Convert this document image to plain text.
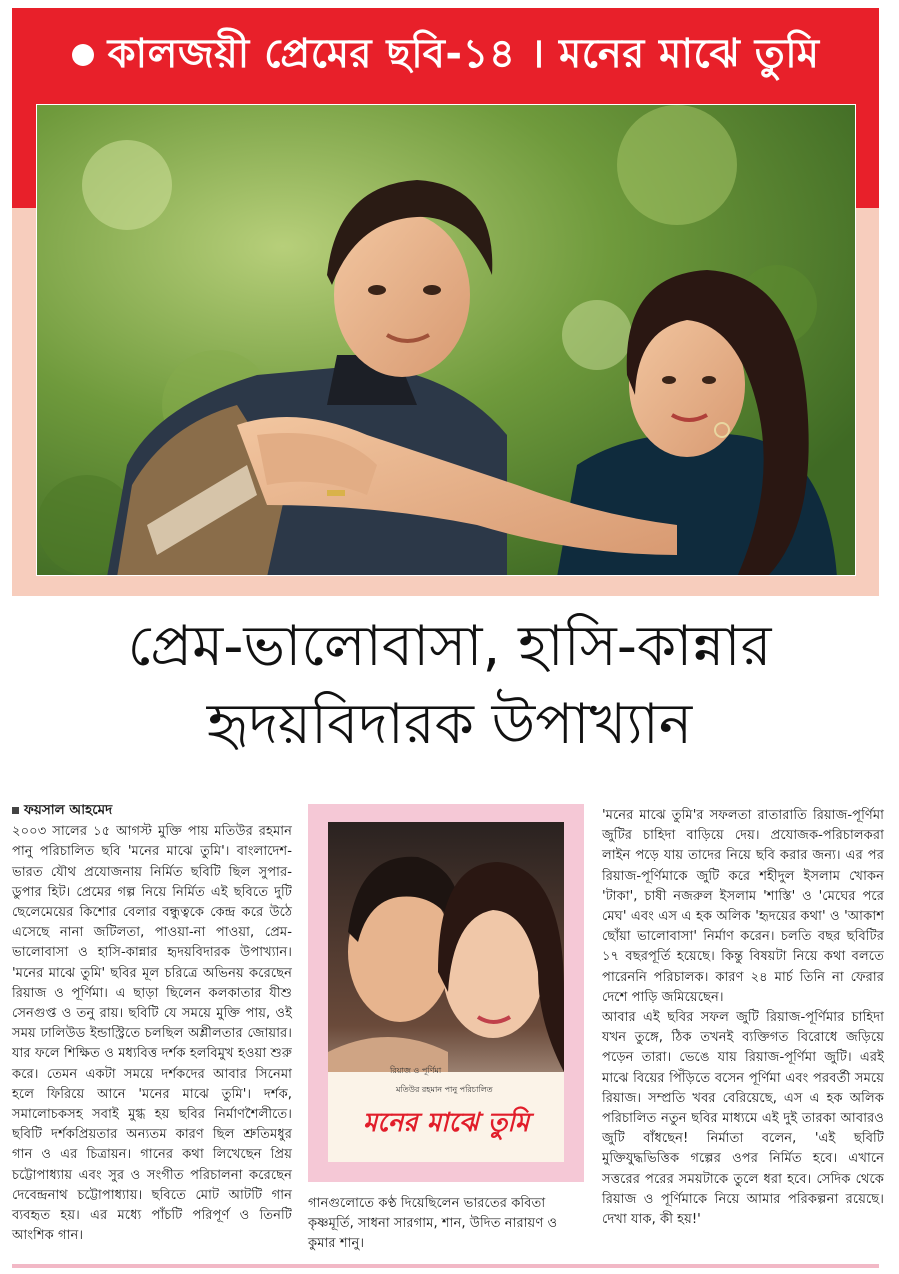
কালজয়ী প্রেমের ছবি-১৪ । মনের মাঝে তুমি
প্রেম-ভালোবাসা, হাসি-কান্নার
হৃদয়বিদারক উপাখ্যান
ফয়সাল আহমেদ
২০০৩ সালের ১৫ আগস্ট মুক্তি পায় মতিউর রহমান পানু পরিচালিত ছবি 'মনের মাঝে তুমি'। বাংলাদেশ-ভারত যৌথ প্রযোজনায় নির্মিত ছবিটি ছিল সুপার-ডুপার হিট। প্রেমের গল্প নিয়ে নির্মিত এই ছবিতে দুটি ছেলেমেয়ের কিশোর বেলার বন্ধুত্বকে কেন্দ্র করে উঠে এসেছে নানা জটিলতা, পাওয়া-না পাওয়া, প্রেম-ভালোবাসা ও হাসি-কান্নার হৃদয়বিদারক উপাখ্যান। 'মনের মাঝে তুমি' ছবির মূল চরিত্রে অভিনয় করেছেন রিয়াজ ও পূর্ণিমা। এ ছাড়া ছিলেন কলকাতার যীশু সেনগুপ্ত ও তনু রায়। ছবিটি যে সময়ে মুক্তি পায়, ওই সময় ঢালিউড ইন্ডাস্ট্রিতে চলছিল অশ্লীলতার জোয়ার। যার ফলে শিক্ষিত ও মধ্যবিত্ত দর্শক হলবিমুখ হওয়া শুরু করে। তেমন একটা সময়ে দর্শকদের আবার সিনেমা হলে ফিরিয়ে আনে 'মনের মাঝে তুমি'। দর্শক, সমালোচকসহ সবাই মুগ্ধ হয় ছবির নির্মাণশৈলীতে। ছবিটি দর্শকপ্রিয়তার অন্যতম কারণ ছিল শ্রুতিমধুর গান ও এর চিত্রায়ন। গানের কথা লিখেছেন প্রিয় চট্টোপাধ্যায় এবং সুর ও সংগীত পরিচালনা করেছেন দেবেন্দ্রনাথ চট্টোপাধ্যায়। ছবিতে মোট আটটি গান ব্যবহৃত হয়। এর মধ্যে পাঁচটি পরিপূর্ণ ও তিনটি আংশিক গান।
রিয়াজ ও পূর্ণিমা
মতিউর রহমান পানু পরিচালিত
মনের মাঝে তুমি
গানগুলোতে কণ্ঠ দিয়েছিলেন ভারতের কবিতা কৃষ্ণমূর্তি, সাধনা সারগাম, শান, উদিত নারায়ণ ও কুমার শানু।
'মনের মাঝে তুমি'র সফলতা রাতারাতি রিয়াজ-পূর্ণিমা জুটির চাহিদা বাড়িয়ে দেয়। প্রযোজক-পরিচালকরা লাইন পড়ে যায় তাদের নিয়ে ছবি করার জন্য। এর পর রিয়াজ-পূর্ণিমাকে জুটি করে শহীদুল ইসলাম খোকন 'টাকা', চাষী নজরুল ইসলাম 'শাস্তি' ও 'মেঘের পরে মেঘ' এবং এস এ হক অলিক 'হৃদয়ের কথা' ও 'আকাশ ছোঁয়া ভালোবাসা' নির্মাণ করেন। চলতি বছর ছবিটির ১৭ বছরপূর্তি হয়েছে। কিন্তু বিষয়টা নিয়ে কথা বলতে পারেননি পরিচালক। কারণ ২৪ মার্চ তিনি না ফেরার দেশে পাড়ি জমিয়েছেন।
আবার এই ছবির সফল জুটি রিয়াজ-পূর্ণিমার চাহিদা যখন তুঙ্গে, ঠিক তখনই ব্যক্তিগত বিরোধে জড়িয়ে পড়েন তারা। ভেঙে যায় রিয়াজ-পূর্ণিমা জুটি। এরই মাঝে বিয়ের পিঁড়িতে বসেন পূর্ণিমা এবং পরবর্তী সময়ে রিয়াজ। সম্প্রতি খবর বেরিয়েছে, এস এ হক অলিক পরিচালিত নতুন ছবির মাধ্যমে এই দুই তারকা আবারও জুটি বাঁধছেন! নির্মাতা বলেন, 'এই ছবিটি মুক্তিযুদ্ধভিত্তিক গল্পের ওপর নির্মিত হবে। এখানে সত্তরের পরের সময়টাকে তুলে ধরা হবে। সেদিক থেকে রিয়াজ ও পূর্ণিমাকে নিয়ে আমার পরিকল্পনা রয়েছে। দেখা যাক, কী হয়!'
